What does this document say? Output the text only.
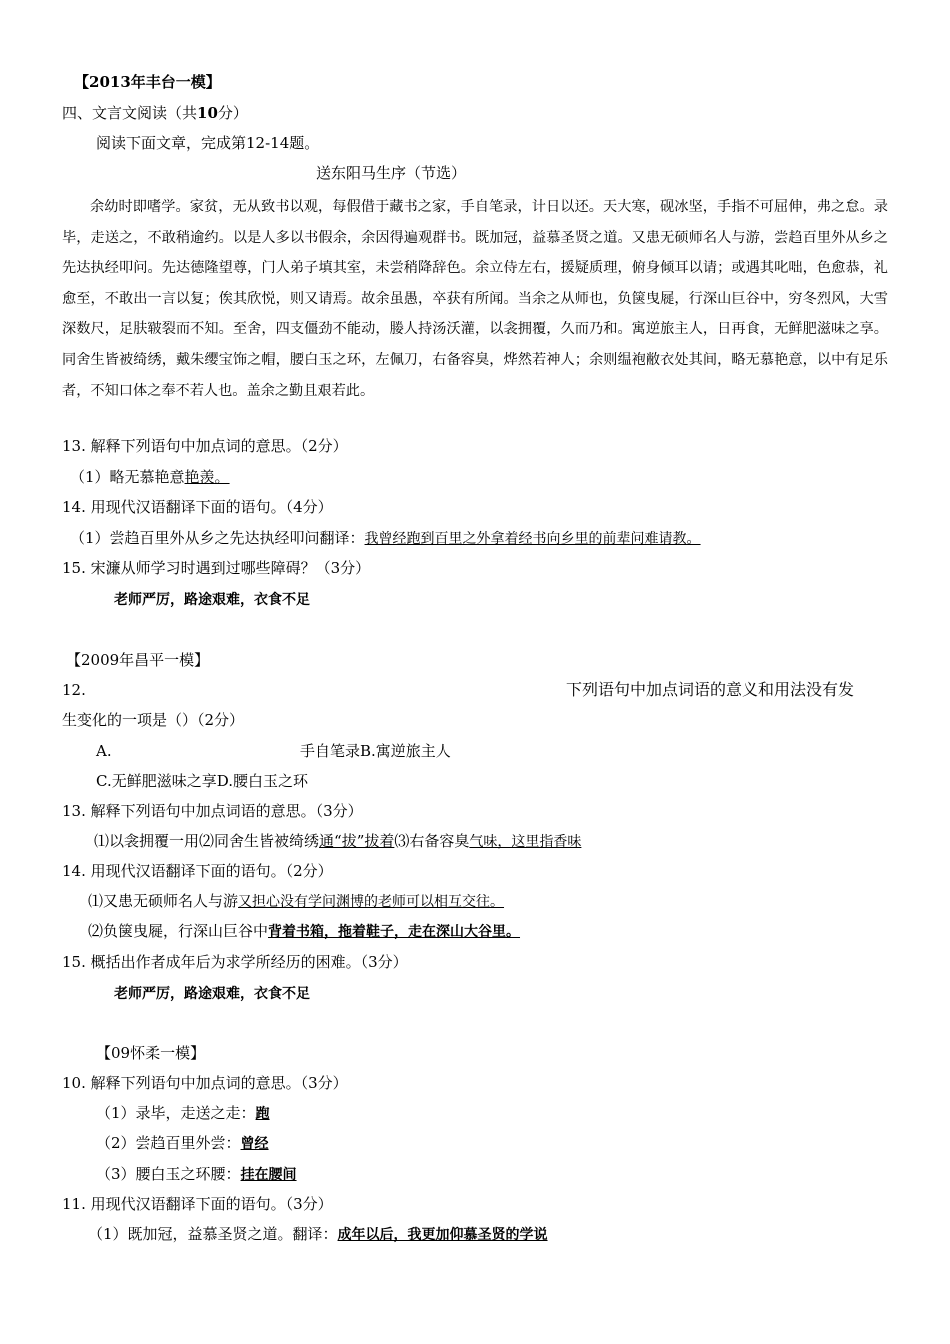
【2013年丰台一模】
四、文言文阅读（共10分）
阅读下面文章，完成第12-14题。
送东阳马生序（节选）
余幼时即嗜学。家贫，无从致书以观，每假借于藏书之家，手自笔录，计日以还。天大寒，砚冰坚，手指不可屈伸，弗之怠。录毕，走送之，不敢稍逾约。以是人多以书假余，余因得遍观群书。既加冠，益慕圣贤之道。又患无硕师名人与游，尝趋百里外从乡之先达执经叩问。先达德隆望尊，门人弟子填其室，未尝稍降辞色。余立侍左右，援疑质理，俯身倾耳以请；或遇其叱咄，色愈恭，礼愈至，不敢出一言以复；俟其欣悦，则又请焉。故余虽愚，卒获有所闻。当余之从师也，负箧曳屣，行深山巨谷中，穷冬烈风，大雪深数尺，足肤皲裂而不知。至舍，四支僵劲不能动，媵人持汤沃灌，以衾拥覆，久而乃和。寓逆旅主人，日再食，无鲜肥滋味之享。同舍生皆被绮绣，戴朱缨宝饰之帽，腰白玉之环，左佩刀，右备容臭，烨然若神人；余则缊袍敝衣处其间，略无慕艳意，以中有足乐者，不知口体之奉不若人也。盖余之勤且艰若此。
13. 解释下列语句中加点词的意思。（2分）
（1）略无慕艳意艳羡。
14. 用现代汉语翻译下面的语句。（4分）
（1）尝趋百里外从乡之先达执经叩问翻译：我曾经跑到百里之外拿着经书向乡里的前辈问难请教。
15. 宋濂从师学习时遇到过哪些障碍？（3分）
老师严厉，路途艰难，衣食不足
【2009年昌平一模】
12.	下列语句中加点词语的意义和用法没有发
生变化的一项是（）（2分）
A.	手自笔录B.寓逆旅主人
C.无鲜肥滋味之享D.腰白玉之环
13. 解释下列语句中加点词语的意思。（3分）
⑴以衾拥覆一用⑵同舍生皆被绮绣通“拔”拔着⑶右备容臭气味，这里指香味
14. 用现代汉语翻译下面的语句。（2分）
⑴又患无硕师名人与游又担心没有学问渊博的老师可以相互交往。
⑵负箧曳屣，行深山巨谷中背着书箱，拖着鞋子，走在深山大谷里。
15. 概括出作者成年后为求学所经历的困难。（3分）
老师严厉，路途艰难，衣食不足
【09怀柔一模】
10. 解释下列语句中加点词的意思。（3分）
（1）录毕，走送之走：跑
（2）尝趋百里外尝：曾经
（3）腰白玉之环腰：挂在腰间
11. 用现代汉语翻译下面的语句。（3分）
（1）既加冠，益慕圣贤之道。翻译：成年以后，我更加仰慕圣贤的学说
